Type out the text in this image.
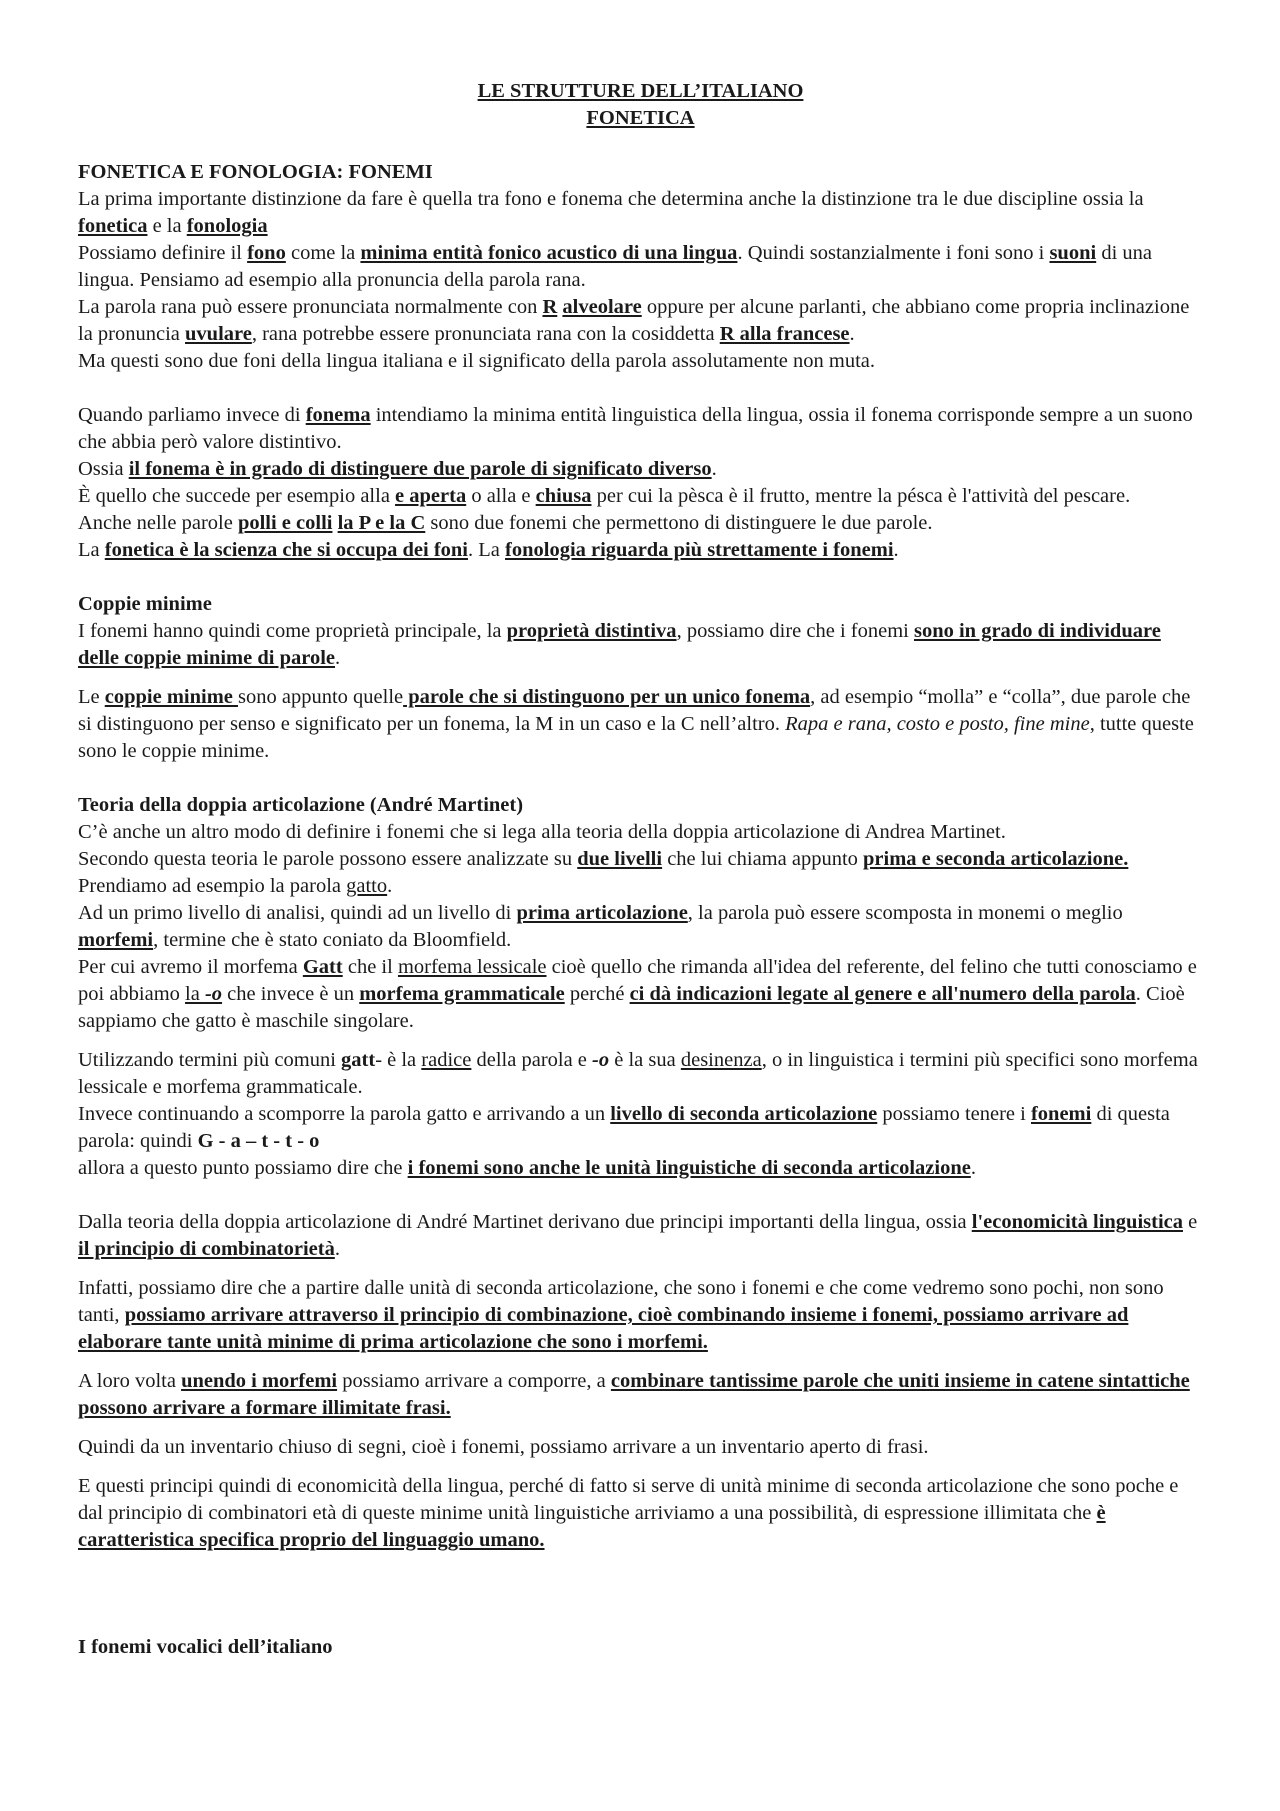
LE STRUTTURE DELL’ITALIANO

FONETICA

FONETICA E FONOLOGIA: FONEMI

La prima importante distinzione da fare è quella tra fono e fonema che determina anche la distinzione tra le due discipline ossia la fonetica e la fonologia

Possiamo definire il fono come la minima entità fonico acustico di una lingua. Quindi sostanzialmente i foni sono i suoni di una lingua. Pensiamo ad esempio alla pronuncia della parola rana.

La parola rana può essere pronunciata normalmente con R alveolare oppure per alcune parlanti, che abbiano come propria inclinazione la pronuncia uvulare, rana potrebbe essere pronunciata rana con la cosiddetta R alla francese.

Ma questi sono due foni della lingua italiana e il significato della parola assolutamente non muta.

Quando parliamo invece di fonema intendiamo la minima entità linguistica della lingua, ossia il fonema corrisponde sempre a un suono che abbia però valore distintivo.

Ossia il fonema è in grado di distinguere due parole di significato diverso.

È quello che succede per esempio alla e aperta o alla e chiusa per cui la pèsca è il frutto, mentre la pésca è l'attività del pescare.

Anche nelle parole polli e colli la P e la C sono due fonemi che permettono di distinguere le due parole.

La fonetica è la scienza che si occupa dei foni. La fonologia riguarda più strettamente i fonemi.

Coppie minime

I fonemi hanno quindi come proprietà principale, la proprietà distintiva, possiamo dire che i fonemi sono in grado di individuare delle coppie minime di parole.

Le coppie minime sono appunto quelle parole che si distinguono per un unico fonema, ad esempio “molla” e “colla”, due parole che si distinguono per senso e significato per un fonema, la M in un caso e la C nell’altro. Rapa e rana, costo e posto, fine mine, tutte queste sono le coppie minime.

Teoria della doppia articolazione (André Martinet)

C’è anche un altro modo di definire i fonemi che si lega alla teoria della doppia articolazione di Andrea Martinet.

Secondo questa teoria le parole possono essere analizzate su due livelli che lui chiama appunto prima e seconda articolazione.

Prendiamo ad esempio la parola gatto.

Ad un primo livello di analisi, quindi ad un livello di prima articolazione, la parola può essere scomposta in monemi o meglio morfemi, termine che è stato coniato da Bloomfield.

Per cui avremo il morfema Gatt che il morfema lessicale cioè quello che rimanda all'idea del referente, del felino che tutti conosciamo e poi abbiamo la -o che invece è un morfema grammaticale perché ci dà indicazioni legate al genere e all'numero della parola. Cioè sappiamo che gatto è maschile singolare.

Utilizzando termini più comuni gatt- è la radice della parola e -o è la sua desinenza, o in linguistica i termini più specifici sono morfema lessicale e morfema grammaticale.

Invece continuando a scomporre la parola gatto e arrivando a un livello di seconda articolazione possiamo tenere i fonemi di questa parola: quindi G - a – t - t - o

allora a questo punto possiamo dire che i fonemi sono anche le unità linguistiche di seconda articolazione.

Dalla teoria della doppia articolazione di André Martinet derivano due principi importanti della lingua, ossia l'economicità linguistica e il principio di combinatorietà.

Infatti, possiamo dire che a partire dalle unità di seconda articolazione, che sono i fonemi e che come vedremo sono pochi, non sono tanti, possiamo arrivare attraverso il principio di combinazione, cioè combinando insieme i fonemi, possiamo arrivare ad elaborare tante unità minime di prima articolazione che sono i morfemi.

A loro volta unendo i morfemi possiamo arrivare a comporre, a combinare tantissime parole che uniti insieme in catene sintattiche possono arrivare a formare illimitate frasi.

Quindi da un inventario chiuso di segni, cioè i fonemi, possiamo arrivare a un inventario aperto di frasi.

E questi principi quindi di economicità della lingua, perché di fatto si serve di unità minime di seconda articolazione che sono poche e dal principio di combinatori età di queste minime unità linguistiche arriviamo a una possibilità, di espressione illimitata che è caratteristica specifica proprio del linguaggio umano.

I fonemi vocalici dell’italiano
